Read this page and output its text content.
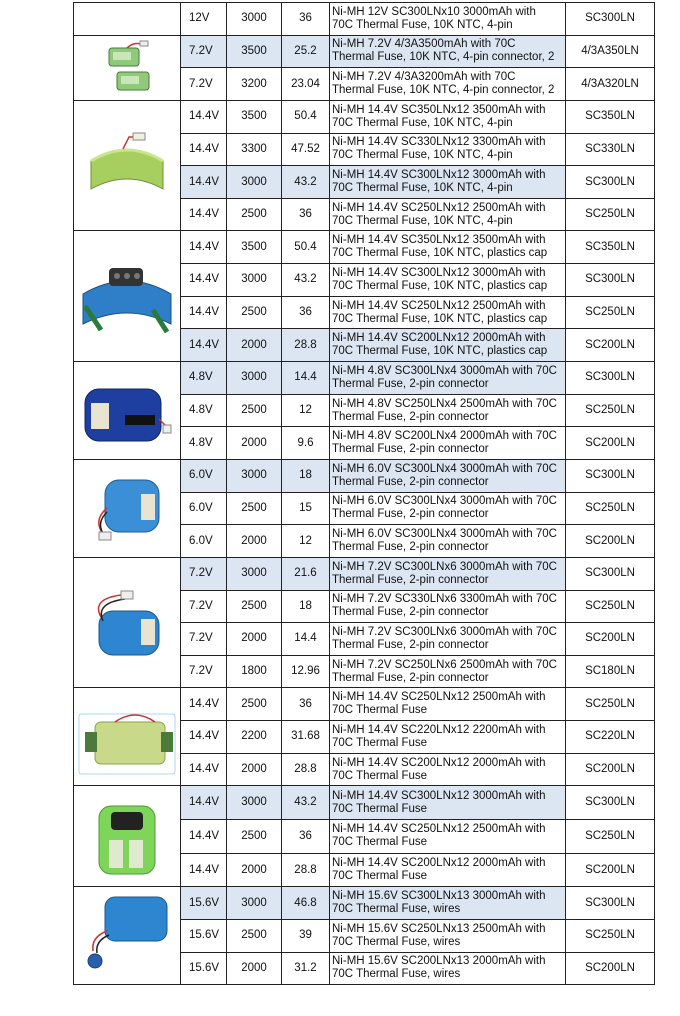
	12V	3000	36	Ni-MH 12V SC300LNx10 3000mAh with
70C Thermal Fuse, 10K NTC, 4-pin	SC300LN

	7.2V	3500	25.2	Ni-MH 7.2V 4/3A3500mAh with 70C
Thermal Fuse, 10K NTC, 4-pin connector, 2	4/3A350LN
	7.2V	3200	23.04	Ni-MH 7.2V 4/3A3200mAh with 70C
Thermal Fuse, 10K NTC, 4-pin connector, 2	4/3A320LN

	14.4V	3500	50.4	Ni-MH 14.4V SC350LNx12 3500mAh with
70C Thermal Fuse, 10K NTC, 4-pin	SC350LN
	14.4V	3300	47.52	Ni-MH 14.4V SC330LNx12 3300mAh with
70C Thermal Fuse, 10K NTC, 4-pin	SC330LN
	14.4V	3000	43.2	Ni-MH 14.4V SC300LNx12 3000mAh with
70C Thermal Fuse, 10K NTC, 4-pin	SC300LN
	14.4V	2500	36	Ni-MH 14.4V SC250LNx12 2500mAh with
70C Thermal Fuse, 10K NTC, 4-pin	SC250LN

	14.4V	3500	50.4	Ni-MH 14.4V SC350LNx12 3500mAh with
70C Thermal Fuse, 10K NTC, plastics cap	SC350LN
	14.4V	3000	43.2	Ni-MH 14.4V SC300LNx12 3000mAh with
70C Thermal Fuse, 10K NTC, plastics cap	SC300LN
	14.4V	2500	36	Ni-MH 14.4V SC250LNx12 2500mAh with
70C Thermal Fuse, 10K NTC, plastics cap	SC250LN
	14.4V	2000	28.8	Ni-MH 14.4V SC200LNx12 2000mAh with
70C Thermal Fuse, 10K NTC, plastics cap	SC200LN

	4.8V	3000	14.4	Ni-MH 4.8V SC300LNx4 3000mAh with 70C
Thermal Fuse, 2-pin connector	SC300LN
	4.8V	2500	12	Ni-MH 4.8V SC250LNx4 2500mAh with 70C
Thermal Fuse, 2-pin connector	SC250LN
	4.8V	2000	9.6	Ni-MH 4.8V SC200LNx4 2000mAh with 70C
Thermal Fuse, 2-pin connector	SC200LN

	6.0V	3000	18	Ni-MH 6.0V SC300LNx4 3000mAh with 70C
Thermal Fuse, 2-pin connector	SC300LN
	6.0V	2500	15	Ni-MH 6.0V SC300LNx4 3000mAh with 70C
Thermal Fuse, 2-pin connector	SC250LN
	6.0V	2000	12	Ni-MH 6.0V SC300LNx4 3000mAh with 70C
Thermal Fuse, 2-pin connector	SC200LN

	7.2V	3000	21.6	Ni-MH 7.2V SC300LNx6 3000mAh with 70C
Thermal Fuse, 2-pin connector	SC300LN
	7.2V	2500	18	Ni-MH 7.2V SC330LNx6 3300mAh with 70C
Thermal Fuse, 2-pin connector	SC250LN
	7.2V	2000	14.4	Ni-MH 7.2V SC300LNx6 3000mAh with 70C
Thermal Fuse, 2-pin connector	SC200LN
	7.2V	1800	12.96	Ni-MH 7.2V SC250LNx6 2500mAh with 70C
Thermal Fuse, 2-pin connector	SC180LN

	14.4V	2500	36	Ni-MH 14.4V SC250LNx12 2500mAh with
70C Thermal Fuse	SC250LN
	14.4V	2200	31.68	Ni-MH 14.4V SC220LNx12 2200mAh with
70C Thermal Fuse	SC220LN
	14.4V	2000	28.8	Ni-MH 14.4V SC200LNx12 2000mAh with
70C Thermal Fuse	SC200LN

	14.4V	3000	43.2	Ni-MH 14.4V SC300LNx12 3000mAh with
70C Thermal Fuse	SC300LN
	14.4V	2500	36	Ni-MH 14.4V SC250LNx12 2500mAh with
70C Thermal Fuse	SC250LN
	14.4V	2000	28.8	Ni-MH 14.4V SC200LNx12 2000mAh with
70C Thermal Fuse	SC200LN

	15.6V	3000	46.8	Ni-MH 15.6V SC300LNx13 3000mAh with
70C Thermal Fuse, wires	SC300LN
	15.6V	2500	39	Ni-MH 15.6V SC250LNx13 2500mAh with
70C Thermal Fuse, wires	SC250LN
	15.6V	2000	31.2	Ni-MH 15.6V SC200LNx13 2000mAh with
70C Thermal Fuse, wires	SC200LN
